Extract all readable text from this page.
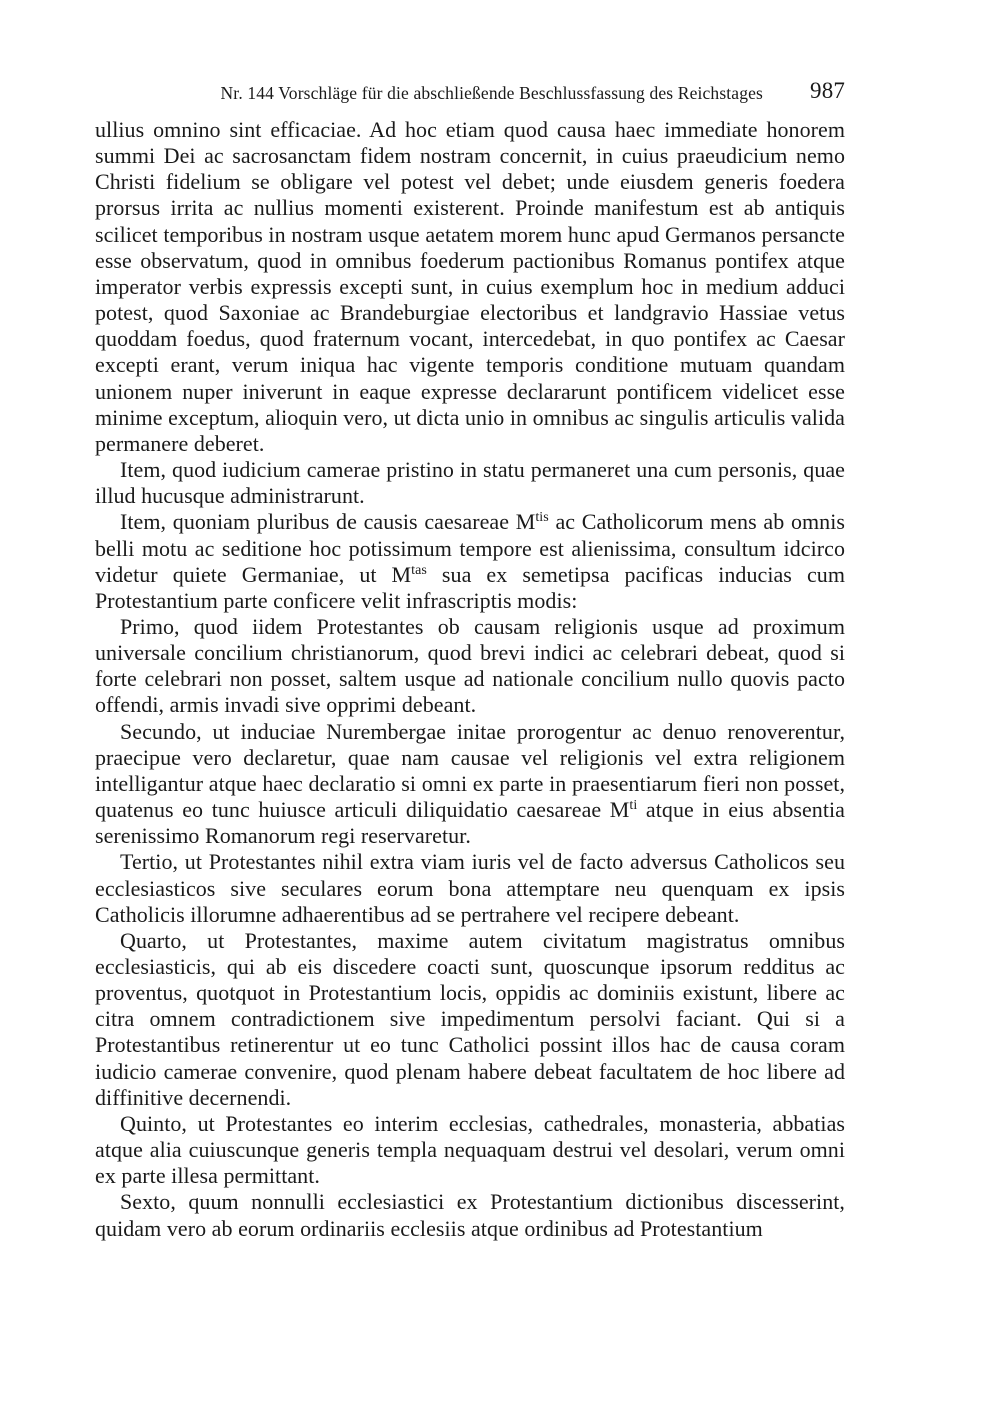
Nr. 144 Vorschläge für die abschließende Beschlussfassung des Reichstages 987

ullius omnino sint efficaciae. Ad hoc etiam quod causa haec immediate honorem summi Dei ac sacrosanctam fidem nostram concernit, in cuius praeudicium nemo Christi fidelium se obligare vel potest vel debet; unde eiusdem generis foedera prorsus irrita ac nullius momenti existerent. Proinde manifestum est ab antiquis scilicet temporibus in nostram usque aetatem morem hunc apud Germanos persancte esse observatum, quod in omnibus foederum pactionibus Romanus pontifex atque imperator verbis expressis excepti sunt, in cuius exemplum hoc in medium adduci potest, quod Saxoniae ac Brandeburgiae electoribus et landgravio Hassiae vetus quoddam foedus, quod fraternum vocant, intercedebat, in quo pontifex ac Caesar excepti erant, verum iniqua hac vigente temporis conditione mutuam quandam unionem nuper iniverunt in eaque expresse declararunt pontificem videlicet esse minime exceptum, alioquin vero, ut dicta unio in omnibus ac singulis articulis valida permanere deberet.

Item, quod iudicium camerae pristino in statu permaneret una cum personis, quae illud hucusque administrarunt.

Item, quoniam pluribus de causis caesareae $M^{tis}$ ac Catholicorum mens ab omnis belli motu ac seditione hoc potissimum tempore est alienissima, consultum idcirco videtur quiete Germaniae, ut $M^{tas}$ sua ex semetipsa pacificas inducias cum Protestantium parte conficere velit infrascriptis modis:

Primo, quod iidem Protestantes ob causam religionis usque ad proximum universale concilium christianorum, quod brevi indici ac celebrari debeat, quod si forte celebrari non posset, saltem usque ad nationale concilium nullo quovis pacto offendi, armis invadi sive opprimi debeant.

Secundo, ut induciae Nurembergae initae prorogentur ac denuo renoverentur, praecipue vero declaretur, quae nam causae vel religionis vel extra religionem intelligantur atque haec declaratio si omni ex parte in praesentiarum fieri non posset, quatenus eo tunc huiusce articuli diliquidatio caesareae $M^{ti}$ atque in eius absentia serenissimo Romanorum regi reservaretur.

Tertio, ut Protestantes nihil extra viam iuris vel de facto adversus Catholicos seu ecclesiasticos sive seculares eorum bona attemptare neu quenquam ex ipsis Catholicis illorumne adhaerentibus ad se pertrahere vel recipere debeant.

Quarto, ut Protestantes, maxime autem civitatum magistratus omnibus ecclesiasticis, qui ab eis discedere coacti sunt, quoscunque ipsorum redditus ac proventus, quotquot in Protestantium locis, oppidis ac dominiis existunt, libere ac citra omnem contradictionem sive impedimentum persolvi faciant. Qui si a Protestantibus retinerentur ut eo tunc Catholici possint illos hac de causa coram iudicio camerae convenire, quod plenam habere debeat facultatem de hoc libere ad diffinitive decernendi.

Quinto, ut Protestantes eo interim ecclesias, cathedrales, monasteria, abbatias atque alia cuiuscunque generis templa nequaquam destrui vel desolari, verum omni ex parte illesa permittant.

Sexto, quum nonnulli ecclesiastici ex Protestantium dictionibus discesserint, quidam vero ab eorum ordinariis ecclesiis atque ordinibus ad Protestantium
